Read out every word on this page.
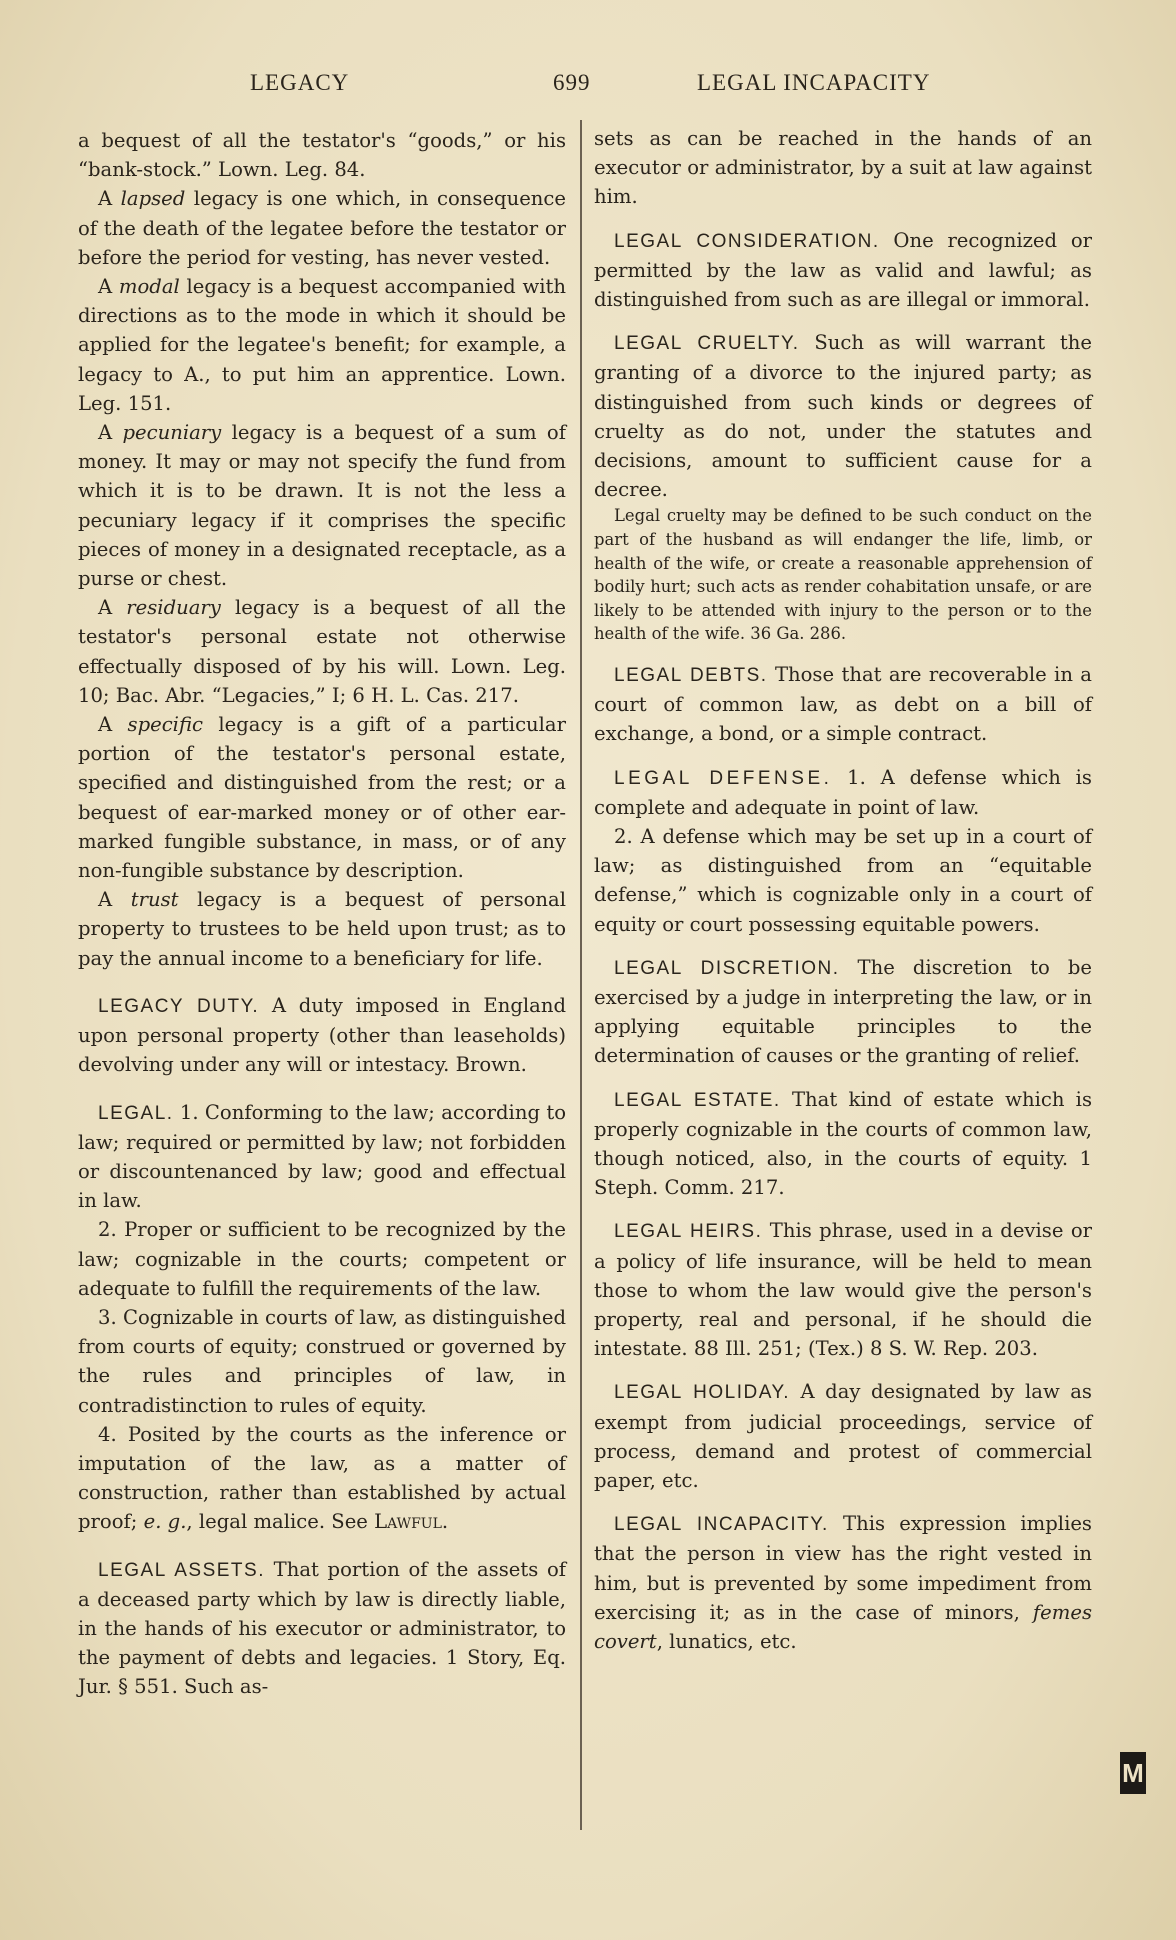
LEGACY	699	LEGAL INCAPACITY

a bequest of all the testator's “goods,” or his “bank-stock.” Lown. Leg. 84.

A lapsed legacy is one which, in consequence of the death of the legatee before the testator or before the period for vesting, has never vested.

A modal legacy is a bequest accompanied with directions as to the mode in which it should be applied for the legatee's benefit; for example, a legacy to A., to put him an apprentice. Lown. Leg. 151.

A pecuniary legacy is a bequest of a sum of money. It may or may not specify the fund from which it is to be drawn. It is not the less a pecuniary legacy if it comprises the specific pieces of money in a designated receptacle, as a purse or chest.

A residuary legacy is a bequest of all the testator's personal estate not otherwise effectually disposed of by his will. Lown. Leg. 10; Bac. Abr. “Legacies,” I; 6 H. L. Cas. 217.

A specific legacy is a gift of a particular portion of the testator's personal estate, specified and distinguished from the rest; or a bequest of ear-marked money or of other ear-marked fungible substance, in mass, or of any non-fungible substance by description.

A trust legacy is a bequest of personal property to trustees to be held upon trust; as to pay the annual income to a beneficiary for life.

LEGACY DUTY. A duty imposed in England upon personal property (other than leaseholds) devolving under any will or intestacy. Brown.

LEGAL. 1. Conforming to the law; according to law; required or permitted by law; not forbidden or discountenanced by law; good and effectual in law.

2. Proper or sufficient to be recognized by the law; cognizable in the courts; competent or adequate to fulfill the requirements of the law.

3. Cognizable in courts of law, as distinguished from courts of equity; construed or governed by the rules and principles of law, in contradistinction to rules of equity.

4. Posited by the courts as the inference or imputation of the law, as a matter of construction, rather than established by actual proof; e. g., legal malice. See Lawful.

LEGAL ASSETS. That portion of the assets of a deceased party which by law is directly liable, in the hands of his executor or administrator, to the payment of debts and legacies. 1 Story, Eq. Jur. § 551. Such as-

sets as can be reached in the hands of an executor or administrator, by a suit at law against him.

LEGAL CONSIDERATION. One recognized or permitted by the law as valid and lawful; as distinguished from such as are illegal or immoral.

LEGAL CRUELTY. Such as will warrant the granting of a divorce to the injured party; as distinguished from such kinds or degrees of cruelty as do not, under the statutes and decisions, amount to sufficient cause for a decree.

Legal cruelty may be defined to be such conduct on the part of the husband as will endanger the life, limb, or health of the wife, or create a reasonable apprehension of bodily hurt; such acts as render cohabitation unsafe, or are likely to be attended with injury to the person or to the health of the wife. 36 Ga. 286.

LEGAL DEBTS. Those that are recoverable in a court of common law, as debt on a bill of exchange, a bond, or a simple contract.

LEGAL DEFENSE. 1. A defense which is complete and adequate in point of law.

2. A defense which may be set up in a court of law; as distinguished from an “equitable defense,” which is cognizable only in a court of equity or court possessing equitable powers.

LEGAL DISCRETION. The discretion to be exercised by a judge in interpreting the law, or in applying equitable principles to the determination of causes or the granting of relief.

LEGAL ESTATE. That kind of estate which is properly cognizable in the courts of common law, though noticed, also, in the courts of equity. 1 Steph. Comm. 217.

LEGAL HEIRS. This phrase, used in a devise or a policy of life insurance, will be held to mean those to whom the law would give the person's property, real and personal, if he should die intestate. 88 Ill. 251; (Tex.) 8 S. W. Rep. 203.

LEGAL HOLIDAY. A day designated by law as exempt from judicial proceedings, service of process, demand and protest of commercial paper, etc.

LEGAL INCAPACITY. This expression implies that the person in view has the right vested in him, but is prevented by some impediment from exercising it; as in the case of minors, femes covert, lunatics, etc.

M
